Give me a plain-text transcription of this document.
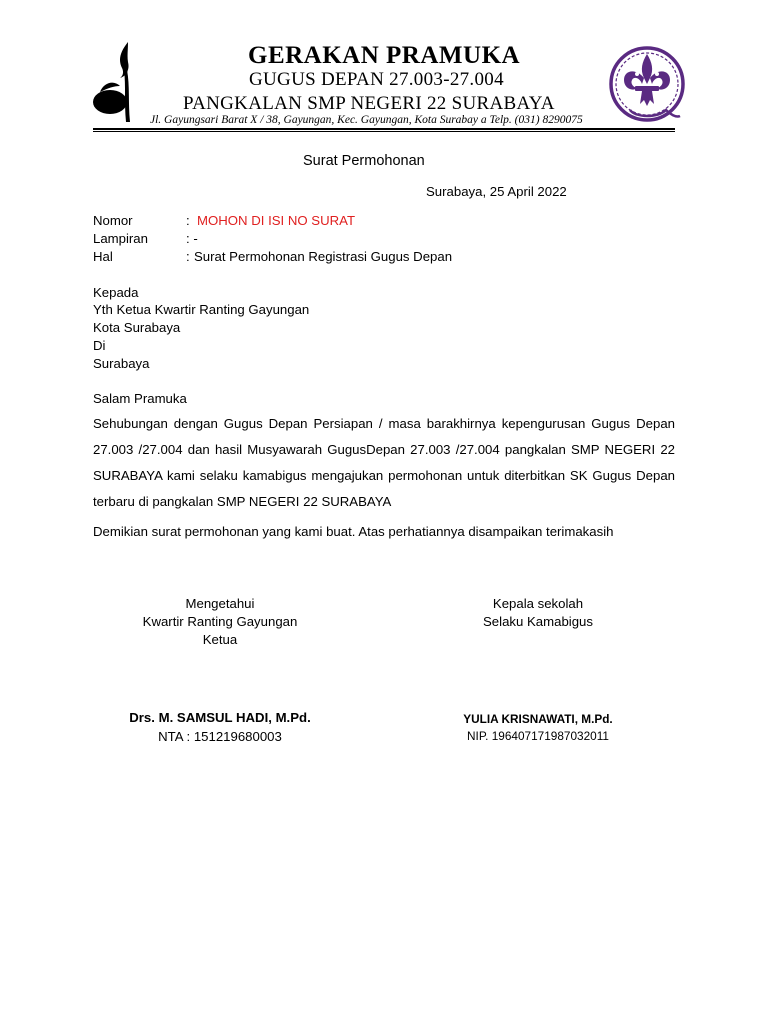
GERAKAN PRAMUKA
GUGUS DEPAN 27.003-27.004
PANGKALAN SMP NEGERI 22 SURABAYA
Jl. Gayungsari Barat X / 38, Gayungan, Kec. Gayungan, Kota Surabay a Telp. (031) 8290075
Surat Permohonan
Surabaya, 25 April 2022
Nomor	: MOHON DI ISI NO SURAT
Lampiran	: -
Hal	: Surat Permohonan Registrasi Gugus Depan
Kepada
Yth Ketua Kwartir Ranting Gayungan
Kota Surabaya
Di
Surabaya
Salam Pramuka
Sehubungan dengan Gugus Depan Persiapan / masa barakhirnya kepengurusan Gugus Depan 27.003 /27.004 dan hasil Musyawarah GugusDepan 27.003 /27.004 pangkalan SMP NEGERI 22 SURABAYA kami selaku kamabigus mengajukan permohonan untuk diterbitkan SK Gugus Depan terbaru di pangkalan SMP NEGERI 22 SURABAYA
Demikian surat permohonan yang kami buat. Atas perhatiannya disampaikan terimakasih
Mengetahui
Kwartir Ranting Gayungan
Ketua
Drs. M. SAMSUL HADI, M.Pd.
NTA : 151219680003
Kepala sekolah
Selaku Kamabigus
YULIA KRISNAWATI, M.Pd.
NIP. 196407171987032011
